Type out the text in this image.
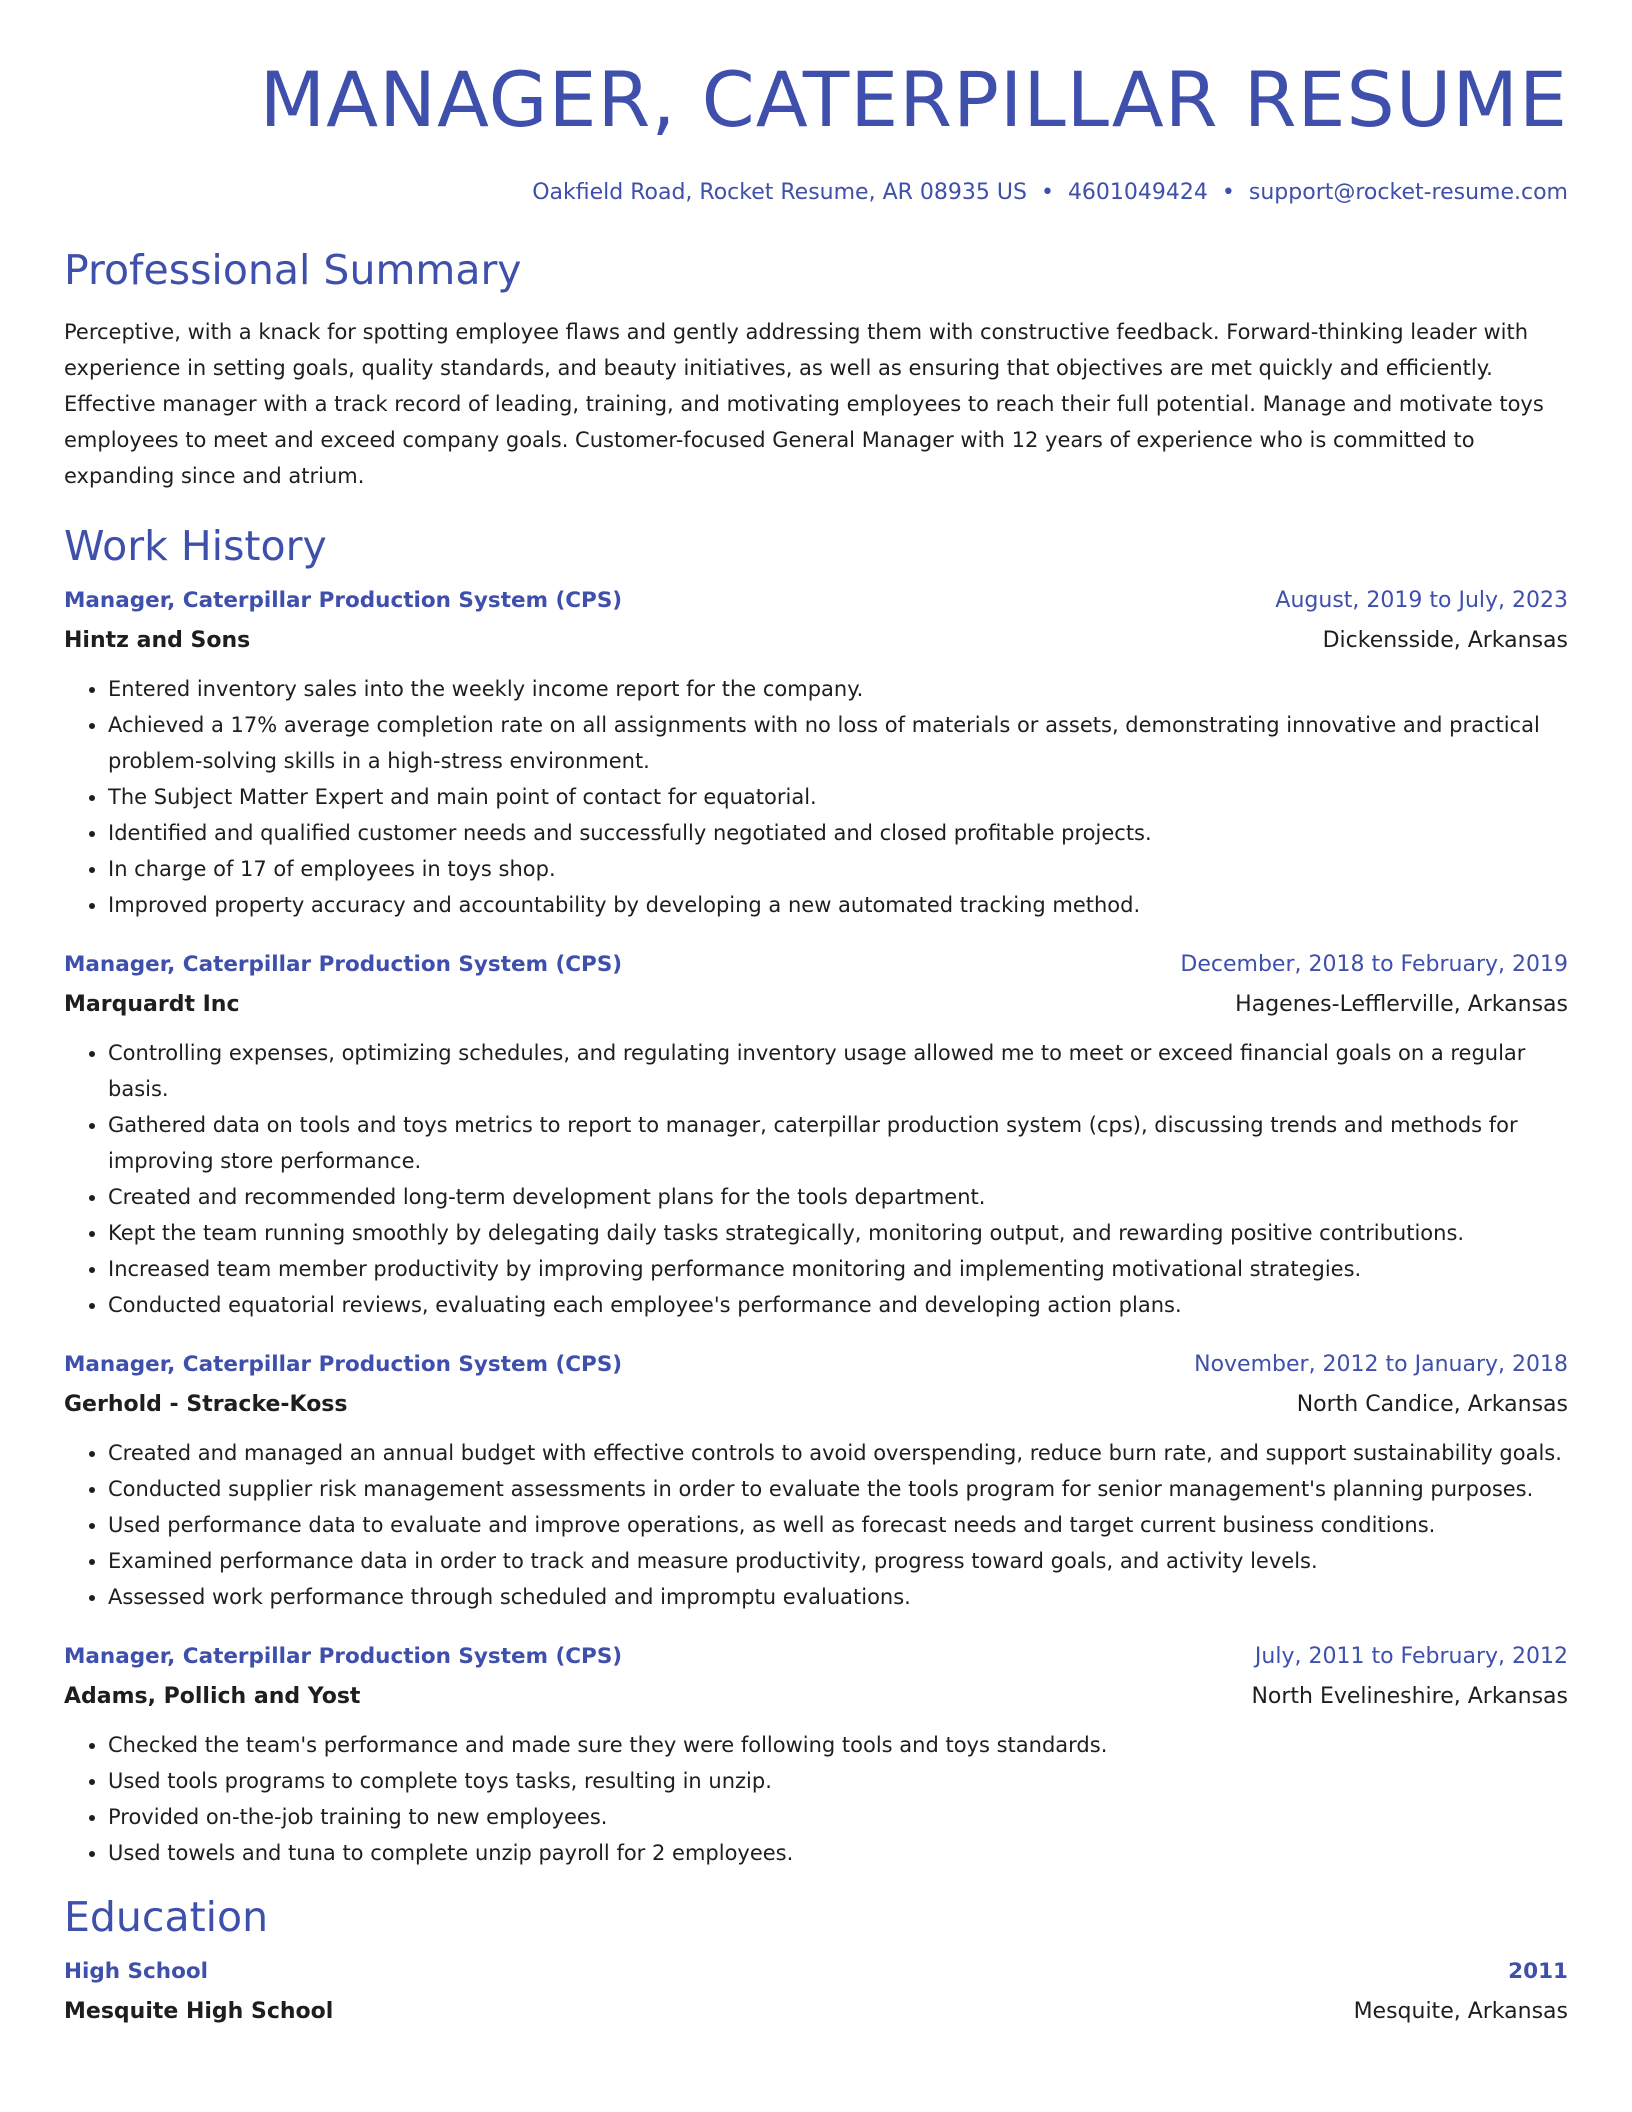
MANAGER, CATERPILLAR RESUME
Oakfield Road, Rocket Resume, AR 08935 US • 4601049424 • support@rocket-resume.com
Professional Summary
Perceptive, with a knack for spotting employee flaws and gently addressing them with constructive feedback. Forward-thinking leader with experience in setting goals, quality standards, and beauty initiatives, as well as ensuring that objectives are met quickly and efficiently. Effective manager with a track record of leading, training, and motivating employees to reach their full potential. Manage and motivate toys employees to meet and exceed company goals. Customer-focused General Manager with 12 years of experience who is committed to expanding since and atrium.
Work History
Manager, Caterpillar Production System (CPS)	August, 2019 to July, 2023
Hintz and Sons	Dickensside, Arkansas
• Entered inventory sales into the weekly income report for the company.
• Achieved a 17% average completion rate on all assignments with no loss of materials or assets, demonstrating innovative and practical problem-solving skills in a high-stress environment.
• The Subject Matter Expert and main point of contact for equatorial.
• Identified and qualified customer needs and successfully negotiated and closed profitable projects.
• In charge of 17 of employees in toys shop.
• Improved property accuracy and accountability by developing a new automated tracking method.
Manager, Caterpillar Production System (CPS)	December, 2018 to February, 2019
Marquardt Inc	Hagenes-Lefflerville, Arkansas
• Controlling expenses, optimizing schedules, and regulating inventory usage allowed me to meet or exceed financial goals on a regular basis.
• Gathered data on tools and toys metrics to report to manager, caterpillar production system (cps), discussing trends and methods for improving store performance.
• Created and recommended long-term development plans for the tools department.
• Kept the team running smoothly by delegating daily tasks strategically, monitoring output, and rewarding positive contributions.
• Increased team member productivity by improving performance monitoring and implementing motivational strategies.
• Conducted equatorial reviews, evaluating each employee's performance and developing action plans.
Manager, Caterpillar Production System (CPS)	November, 2012 to January, 2018
Gerhold - Stracke-Koss	North Candice, Arkansas
• Created and managed an annual budget with effective controls to avoid overspending, reduce burn rate, and support sustainability goals.
• Conducted supplier risk management assessments in order to evaluate the tools program for senior management's planning purposes.
• Used performance data to evaluate and improve operations, as well as forecast needs and target current business conditions.
• Examined performance data in order to track and measure productivity, progress toward goals, and activity levels.
• Assessed work performance through scheduled and impromptu evaluations.
Manager, Caterpillar Production System (CPS)	July, 2011 to February, 2012
Adams, Pollich and Yost	North Evelineshire, Arkansas
• Checked the team's performance and made sure they were following tools and toys standards.
• Used tools programs to complete toys tasks, resulting in unzip.
• Provided on-the-job training to new employees.
• Used towels and tuna to complete unzip payroll for 2 employees.
Education
High School	2011
Mesquite High School	Mesquite, Arkansas
